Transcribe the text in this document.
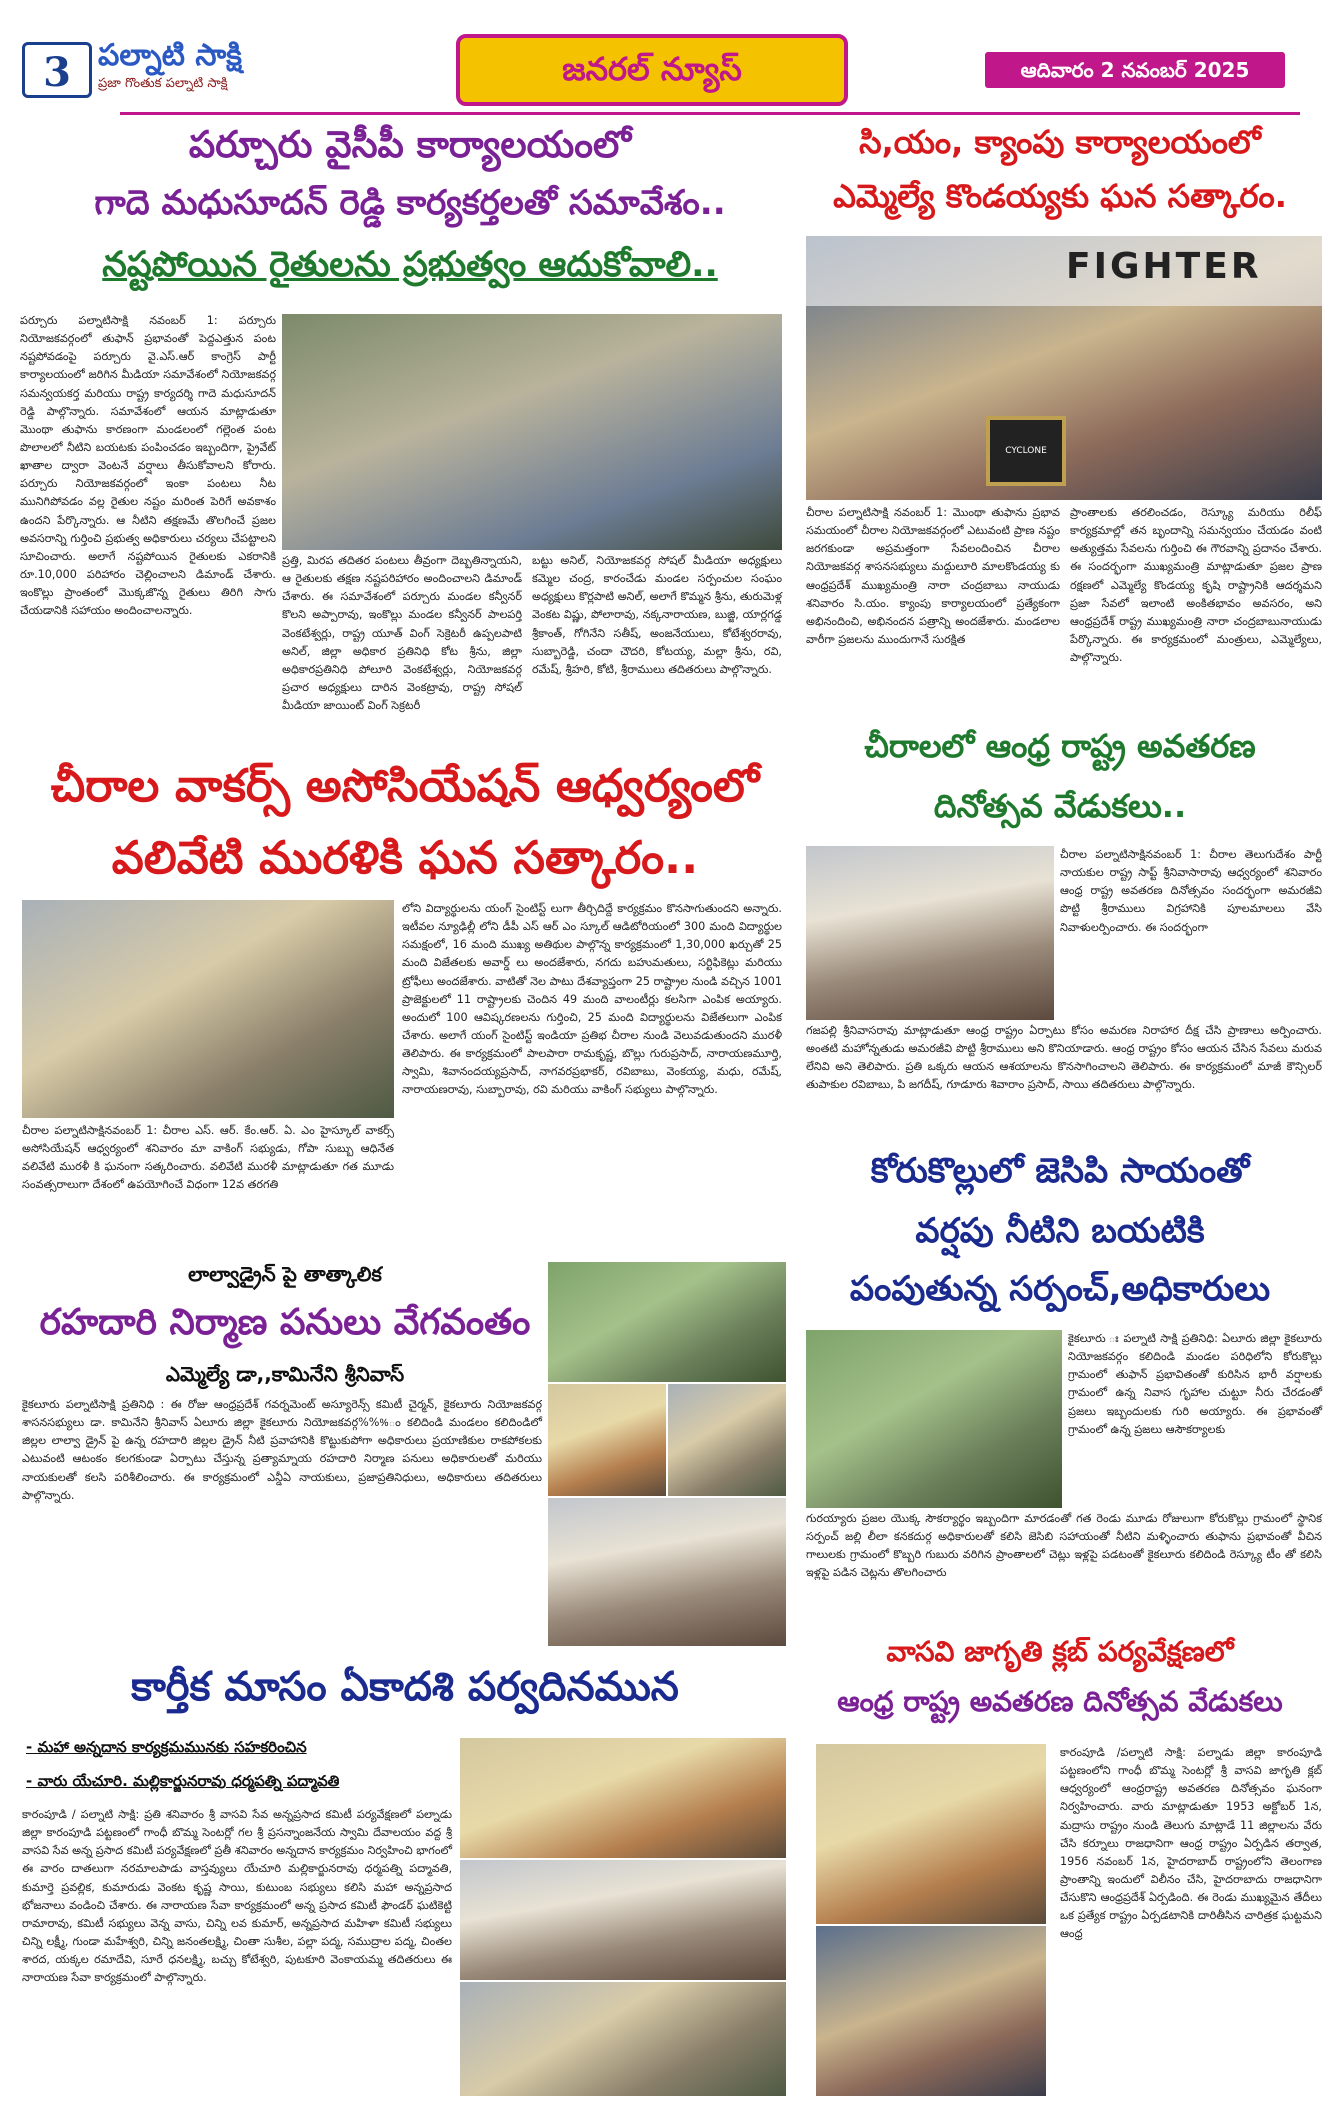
3 పల్నాటి సాక్షి
ప్రజా గొంతుక పల్నాటి సాక్షి	జనరల్ న్యూస్	ఆదివారం 2 నవంబర్ 2025
పర్చూరు వైసీపీ కార్యాలయంలో
గాదె మధుసూదన్ రెడ్డి కార్యకర్తలతో సమావేశం..
నష్టపోయిన రైతులను ప్రభుత్వం ఆదుకోవాలి..
పర్చూరు పల్నాటిసాక్షి నవంబర్ 1: పర్చూరు నియోజకవర్గంలో తుఫాన్ ప్రభావంతో పెద్దఎత్తున పంట నష్టపోవడంపై పర్చూరు వై.ఎస్.ఆర్ కాంగ్రెస్ పార్టీ కార్యాలయంలో జరిగిన మీడియా సమావేశంలో నియోజకవర్గ సమన్వయకర్త మరియు రాష్ట్ర కార్యదర్శి గాదె మధుసూదన్ రెడ్డి పాల్గొన్నారు. సమావేశంలో ఆయన మాట్లాడుతూ మొంథా తుఫాను కారణంగా మండలంలో గల్లెంత పంట పొలాలలో నీటిని బయటకు పంపించడం ఇబ్బందిగా, ప్రైవేట్ ఖాతాల ద్వారా వెంటనే వర్షాలు తీసుకోవాలని కోరారు. పర్చూరు నియోజకవర్గంలో ఇంకా పంటలు నీట మునిగిపోవడం వల్ల రైతుల నష్టం మరింత పెరిగే అవకాశం ఉందని పేర్కొన్నారు. ఆ నీటిని తక్షణమే తొలగించే ప్రజల అవసరాన్ని గుర్తించి ప్రభుత్వ అధికారులు చర్యలు చేపట్టాలని సూచించారు. అలాగే నష్టపోయిన రైతులకు ఎకరానికి రూ.10,000 పరిహారం చెల్లించాలని డిమాండ్ చేశారు. ఇంకొల్లు ప్రాంతంలో మొక్కజొన్న రైతులు తిరిగి సాగు చేయడానికి సహాయం అందించాలన్నారు.
ప్రత్తి, మిరప తదితర పంటలు తీవ్రంగా దెబ్బతిన్నాయని, ఆ రైతులకు తక్షణ నష్టపరిహారం అందించాలని డిమాండ్ చేశారు. ఈ సమావేశంలో పర్చూరు మండల కన్వీనర్ కొలని అప్పారావు, ఇంకొల్లు మండల కన్వీనర్ పాలపర్తి వెంకటేశ్వర్లు, రాష్ట్ర యూత్ వింగ్ సెక్రెటరీ ఉప్పలపాటి అనిల్, జిల్లా అధికార ప్రతినిధి కోట శ్రీను, జిల్లా అధికారప్రతినిధి పోలూరి వెంకటేశ్వర్లు, నియోజకవర్గ ప్రచార అధ్యక్షులు దారిన వెంకట్రావు, రాష్ట్ర సోషల్ మీడియా జాయింట్ వింగ్ సెక్రటరీ
బట్టు అనిల్, నియోజకవర్గ సోషల్ మీడియా అధ్యక్షులు కమ్మెల చంద్ర, కారంచేడు మండల సర్పంచుల సంఘం అధ్యక్షులు కొర్లపాటి అనిల్, అలాగే కొమ్మన శ్రీను, తురుమెళ్ల వెంకట విష్ణు, పోలారావు, నక్కనారాయణ, బుజ్జి, యార్లగడ్డ శ్రీకాంత్, గోగినేని సతీష్, అంజనేయులు, కోటేశ్వరరావు, సుబ్బారెడ్డి, చందా చౌదరి, కోటయ్య, మల్లా శ్రీను, రవి, రమేష్, శ్రీహరి, కోటి, శ్రీరాములు తదితరులు పాల్గొన్నారు.
సి,యం, క్యాంపు కార్యాలయంలో
ఎమ్మెల్యే కొండయ్యకు ఘన సత్కారం.
FIGHTER
CYCLONE
చీరాల పల్నాటిసాక్షి నవంబర్ 1: మొంథా తుఫాను ప్రభావ సమయంలో చీరాల నియోజకవర్గంలో ఎటువంటి ప్రాణ నష్టం జరగకుండా అప్రమత్తంగా సేవలందించిన చీరాల నియోజకవర్గ శాసనసభ్యులు మద్దులూరి మాలకొండయ్య కు ఆంధ్రప్రదేశ్ ముఖ్యమంత్రి నారా చంద్రబాబు నాయుడు శనివారం సి.యం. క్యాంపు కార్యాలయంలో ప్రత్యేకంగా అభినందించి, అభినందన పత్రాన్ని అందజేశారు. మండలాల వారీగా ప్రజలను ముందుగానే సురక్షిత
ప్రాంతాలకు తరలించడం, రెస్క్యూ మరియు రిలీఫ్ కార్యక్రమాల్లో తన బృందాన్ని సమన్వయం చేయడం వంటి అత్యుత్తమ సేవలను గుర్తించి ఈ గౌరవాన్ని ప్రదానం చేశారు. ఈ సందర్భంగా ముఖ్యమంత్రి మాట్లాడుతూ ప్రజల ప్రాణ రక్షణలో ఎమ్మెల్యే కొండయ్య కృషి రాష్ట్రానికి ఆదర్శమని ప్రజా సేవలో ఇలాంటి అంకితభావం అవసరం, అని ఆంధ్రప్రదేశ్ రాష్ట్ర ముఖ్యమంత్రి నారా చంద్రబాబునాయుడు పేర్కొన్నారు. ఈ కార్యక్రమంలో మంత్రులు, ఎమ్మెల్యేలు, పాల్గొన్నారు.
చీరాల వాకర్స్ అసోసియేషన్ ఆధ్వర్యంలో
వలివేటి మురళికి ఘన సత్కారం..
చీరాల పల్నాటిసాక్షినవంబర్ 1: చీరాల ఎస్. ఆర్. కేం.ఆర్. ఏ. ఎం హైస్కూల్ వాకర్స్ అసోసియేషన్ ఆధ్వర్యంలో శనివారం మా వాకింగ్ సభ్యుడు, గోపా సుబ్బు ఆధినేత వలివేటి మురళీ కి ఘనంగా సత్కరించారు. వలివేటి మురళీ మాట్లాడుతూ గత మూడు సంవత్సరాలుగా దేశంలో ఉపయోగించే విధంగా 12వ తరగతి
లోని విద్యార్థులను యంగ్ సైంటిస్ట్ లుగా తీర్చిదిద్దే కార్యక్రమం కొనసాగుతుందని అన్నారు. ఇటీవల న్యూఢిల్లీ లోని డీపీ ఎస్ ఆర్ ఎం స్కూల్ ఆడిటోరియంలో 300 మంది విద్యార్థుల సమక్షంలో, 16 మంది ముఖ్య అతిథుల పాల్గొన్న కార్యక్రమంలో 1,30,000 ఖర్చుతో 25 మంది విజేతలకు అవార్డ్ లు అందజేశారు, నగదు బహుమతులు, సర్టిఫికెట్లు మరియు ట్రోఫీలు అందజేశారు. వాటితో నెల పాటు దేశవ్యాప్తంగా 25 రాష్ట్రాల నుండి వచ్చిన 1001 ప్రాజెక్టులలో 11 రాష్ట్రాలకు చెందిన 49 మంది వాలంటీర్లు కలసిగా ఎంపిక అయ్యారు. అందులో 100 ఆవిష్కరణలను గుర్తించి, 25 మంది విద్యార్థులను విజేతలుగా ఎంపిక చేశారు. అలాగే యంగ్ సైంటిస్ట్ ఇండియా ప్రతిభ చీరాల నుండి వెలువడుతుందని మురళీ తెలిపారు. ఈ కార్యక్రమంలో పాలపారా రామకృష్ణ, బొల్లు గురుప్రసాద్, నారాయణమూర్తి, స్వామి, శివానందయ్యప్రసాద్, నాగవరప్రభాకర్, రవిబాబు, వెంకయ్య, మధు, రమేష్, నారాయణరావు, సుబ్బారావు, రవి మరియు వాకింగ్ సభ్యులు పాల్గొన్నారు.
చీరాలలో ఆంధ్ర రాష్ట్ర అవతరణ
దినోత్సవ వేడుకలు..
చీరాల పల్నాటిసాక్షినవంబర్ 1: చీరాల తెలుగుదేశం పార్టీ నాయకుల రాష్ట్ర సాప్ట్ శ్రీనివాసారావు ఆధ్వర్యంలో శనివారం ఆంధ్ర రాష్ట్ర అవతరణ దినోత్సవం సందర్భంగా అమరజీవి పొట్టి శ్రీరాములు విగ్రహానికి పూలమాలలు వేసి నివాళులర్పించారు. ఈ సందర్భంగా
గజపల్లి శ్రీనివాసరావు మాట్లాడుతూ ఆంధ్ర రాష్ట్రం ఏర్పాటు కోసం అమరణ నిరాహార దీక్ష చేసి ప్రాణాలు అర్పించారు. అంతటి మహోన్నతుడు అమరజీవి పొట్టి శ్రీరాములు అని కొనియాడారు. ఆంధ్ర రాష్ట్రం కోసం ఆయన చేసిన సేవలు మరువ లేనివి అని తెలిపారు. ప్రతి ఒక్కరు ఆయన ఆశయాలను కొనసాగించాలని తెలిపారు. ఈ కార్యక్రమంలో మాజీ కౌన్సిలర్ తుపాకుల రవిబాబు, పి జగదీష్, గూడూరు శివారాం ప్రసాద్, సాయి తదితరులు పాల్గొన్నారు.
లాల్వాడ్రైన్ పై తాత్కాలిక
రహదారి నిర్మాణ పనులు వేగవంతం
ఎమ్మెల్యే డా,,కామినేని శ్రీనివాస్
కైకలూరు పల్నాటిసాక్షి ప్రతినిధి : ఈ రోజు ఆంధ్రప్రదేశ్ గవర్నమెంట్ అస్యూరెన్స్ కమిటీ చైర్మన్, కైకలూరు నియోజకవర్గ శాసనసభ్యులు డా. కామినేని శ్రీనివాస్ ఏలూరు జిల్లా కైకలూరు నియోజకవర్గ%%%ం కలిదిండి మండలం కలిదిండిలో జిల్లల లాల్వా డ్రైన్ పై ఉన్న రహదారి జిల్లల డ్రైన్ నీటి ప్రవాహానికి కొట్టుకుపోగా అధికారులు ప్రయాణికుల రాకపోకలకు ఎటువంటి ఆటంకం కలగకుండా ఏర్పాటు చేస్తున్న ప్రత్యామ్నాయ రహదారి నిర్మాణ పనులు అధికారులతో మరియు నాయకులతో కలసి పరిశీలించారు. ఈ కార్యక్రమంలో ఎన్డీఏ నాయకులు, ప్రజాప్రతినిధులు, అధికారులు తదితరులు పాల్గొన్నారు.
కోరుకొల్లులో జెసిపి సాయంతో
వర్షపు నీటిని బయటికి
పంపుతున్న సర్పంచ్,అధికారులు
కైకలూరు ః పల్నాటి సాక్షి ప్రతినిధి: ఏలూరు జిల్లా కైకలూరు నియోజకవర్గం కలిదిండి మండల పరిధిలోని కోరుకొల్లు గ్రామంలో తుఫాన్ ప్రభావితంతో కురిసిన భారీ వర్షాలకు గ్రామంలో ఉన్న నివాస గృహాల చుట్టూ నీరు చేరడంతో ప్రజలు ఇబ్బందులకు గురి అయ్యారు. ఈ ప్రభావంతో గ్రామంలో ఉన్న ప్రజలు ఆసౌకర్యాలకు
గురయ్యారు ప్రజల యొక్క సౌకర్యార్థం ఇబ్బందిగా మారడంతో గత రెండు మూడు రోజులుగా కోరుకొల్లు గ్రామంలో స్థానిక సర్పంచ్ జల్లి లీలా కనకదుర్గ అధికారులతో కలిసి జెసిబి సహాయంతో నీటిని మళ్ళించారు తుఫాను ప్రభావంతో వీచిన గాలులకు గ్రామంలో కొబ్బరి గుబురు వరిగిన ప్రాంతాలలో చెట్లు ఇళ్లపై పడటంతో కైకలూరు కలిదిండి రెస్క్యూ టీం తో కలిసి ఇళ్లపై పడిన చెట్లను తొలగించారు
వాసవి జాగృతి క్లబ్ పర్యవేక్షణలో
ఆంధ్ర రాష్ట్ర అవతరణ దినోత్సవ వేడుకలు
కారంపూడి /పల్నాటి సాక్షి: పల్నాడు జిల్లా కారంపూడి పట్టణంలోని గాంధీ బొమ్మ సెంటర్లో శ్రీ వాసవి జాగృతి క్లబ్ ఆధ్వర్యంలో ఆంధ్రరాష్ట్ర అవతరణ దినోత్సవం ఘనంగా నిర్వహించారు. వారు మాట్లాడుతూ 1953 అక్టోబర్ 1న, మద్రాసు రాష్ట్రం నుండి తెలుగు మాట్లాడే 11 జిల్లాలను వేరు చేసి కర్నూలు రాజధానిగా ఆంధ్ర రాష్ట్రం ఏర్పడిన తర్వాత, 1956 నవంబర్ 1న, హైదరాబాద్ రాష్ట్రంలోని తెలంగాణ ప్రాంతాన్ని ఇందులో విలీనం చేసి, హైదరాబాదు రాజధానిగా చేసుకొని ఆంధ్రప్రదేశ్ ఏర్పడింది. ఈ రెండు ముఖ్యమైన తేదీలు ఒక ప్రత్యేక రాష్ట్రం ఏర్పడటానికి దారితీసిన చారిత్రక ఘట్టమని ఆంధ్ర
కార్తీక మాసం ఏకాదశి పర్వదినమున
- మహా అన్నదాన కార్యక్రమమునకు సహకరించిన
- వారు యేచూరి. మల్లికార్జునరావు ధర్మపత్ని పద్మావతి
కారంపూడి / పల్నాటి సాక్షి: ప్రతి శనివారం శ్రీ వాసవి సేవ అన్నప్రసాద కమిటీ పర్యవేక్షణలో పల్నాడు జిల్లా కారంపూడి పట్టణంలో గాంధీ బొమ్మ సెంటర్లో గల శ్రీ ప్రసన్నాంజనేయ స్వామి దేవాలయం వద్ద శ్రీ వాసవి సేవ అన్న ప్రసాద కమిటీ పర్యవేక్షణలో ప్రతీ శనివారం అన్నదాన కార్యక్రమం నిర్వహించి భాగంలో ఈ వారం దాతలుగా నరమాలపాడు వాస్తవ్యులు యేచూరి మల్లికార్జునరావు ధర్మపత్ని పద్మావతి, కుమార్తె ప్రవల్లిక, కుమారుడు వెంకట కృష్ణ సాయి, కుటుంబ సభ్యులు కలిసి మహా అన్నప్రసాద భోజనాలు వండించి చేశారు. ఈ నారాయణ సేవా కార్యక్రమంలో అన్న ప్రసాద కమిటీ ఫౌండర్ ఘటికెట్టి రామారావు, కమిటీ సభ్యులు వెన్న వాసు, చిన్ని లవ కుమార్, అన్నప్రసాద మహిళా కమిటీ సభ్యులు చిన్ని లక్ష్మీ, గుండా మహేశ్వరి, చిన్ని జనంతలక్ష్మి, చింతా సుశీల, పల్లా పద్మ, సముద్రాల పద్మ, చింతల శారద, యక్కల రమాదేవి, సూరే ధనలక్ష్మి, బచ్చు కోటేశ్వరి, పుటకూరి వెంకాయమ్మ తదితరులు ఈ నారాయణ సేవా కార్యక్రమంలో పాల్గొన్నారు.
